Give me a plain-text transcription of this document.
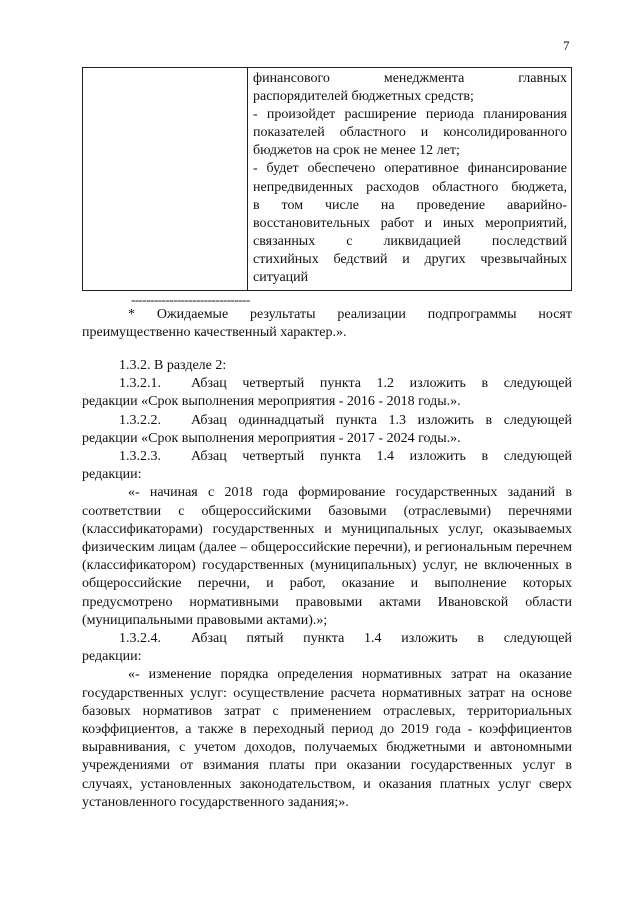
7

финансового менеджмента главных
распорядителей бюджетных средств;
- произойдет расширение периода планирования
показателей областного и консолидированного
бюджетов на срок не менее 12 лет;
- будет обеспечено оперативное финансирование
непредвиденных расходов областного бюджета,
в том числе на проведение аварийно-
восстановительных работ и иных мероприятий,
связанных с ликвидацией последствий
стихийных бедствий и других чрезвычайных
ситуаций
-------------------------------

* Ожидаемые результаты реализации подпрограммы носят преимущественно качественный характер.».

1.3.2. В разделе 2:

1.3.2.1.	Абзац четвертый пункта 1.2 изложить в следующей

редакции «Срок выполнения мероприятия - 2016 - 2018 годы.».

1.3.2.2.	Абзац одиннадцатый пункта 1.3 изложить в следующей

редакции «Срок выполнения мероприятия - 2017 - 2024 годы.».

1.3.2.3.	Абзац четвертый пункта 1.4 изложить в следующей

редакции:

«- начиная с 2018 года формирование государственных заданий в соответствии с общероссийскими базовыми (отраслевыми) перечнями (классификаторами) государственных и муниципальных услуг, оказываемых физическим лицам (далее – общероссийские перечни), и региональным перечнем (классификатором) государственных (муниципальных) услуг, не включенных в общероссийские перечни, и работ, оказание и выполнение которых предусмотрено нормативными правовыми актами Ивановской области (муниципальными правовыми актами).»;

1.3.2.4.	Абзац пятый пункта 1.4 изложить в следующей

редакции:

«- изменение порядка определения нормативных затрат на оказание государственных услуг: осуществление расчета нормативных затрат на основе базовых нормативов затрат с применением отраслевых, территориальных коэффициентов, а также в переходный период до 2019 года - коэффициентов выравнивания, с учетом доходов, получаемых бюджетными и автономными учреждениями от взимания платы при оказании государственных услуг в случаях, установленных законодательством, и оказания платных услуг сверх установленного государственного задания;».
